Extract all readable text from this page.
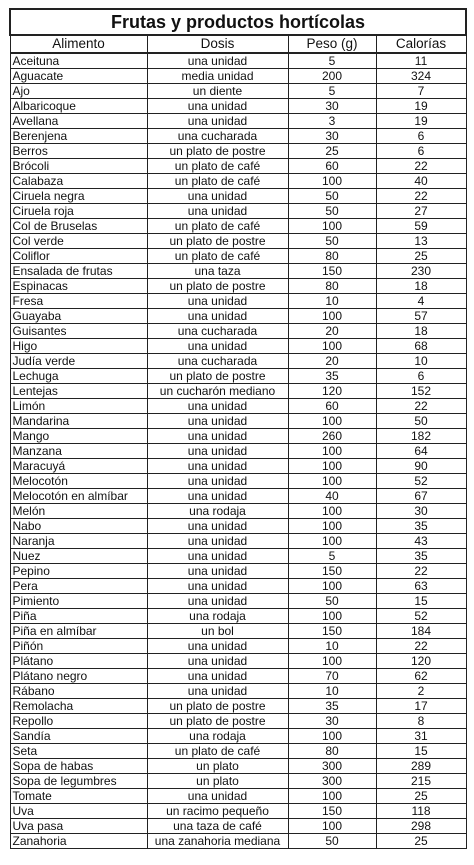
Frutas y productos hortícolas			
Alimento	Dosis	Peso (g)	Calorías
Aceituna	una unidad	5	11
Aguacate	media unidad	200	324
Ajo	un diente	5	7
Albaricoque	una unidad	30	19
Avellana	una unidad	3	19
Berenjena	una cucharada	30	6
Berros	un plato de postre	25	6
Brócoli	un plato de café	60	22
Calabaza	un plato de café	100	40
Ciruela negra	una unidad	50	22
Ciruela roja	una unidad	50	27
Col de Bruselas	un plato de café	100	59
Col verde	un plato de postre	50	13
Coliflor	un plato de café	80	25
Ensalada de frutas	una taza	150	230
Espinacas	un plato de postre	80	18
Fresa	una unidad	10	4
Guayaba	una unidad	100	57
Guisantes	una cucharada	20	18
Higo	una unidad	100	68
Judía verde	una cucharada	20	10
Lechuga	un plato de postre	35	6
Lentejas	un cucharón mediano	120	152
Limón	una unidad	60	22
Mandarina	una unidad	100	50
Mango	una unidad	260	182
Manzana	una unidad	100	64
Maracuyá	una unidad	100	90
Melocotón	una unidad	100	52
Melocotón en almíbar	una unidad	40	67
Melón	una rodaja	100	30
Nabo	una unidad	100	35
Naranja	una unidad	100	43
Nuez	una unidad	5	35
Pepino	una unidad	150	22
Pera	una unidad	100	63
Pimiento	una unidad	50	15
Piña	una rodaja	100	52
Piña en almíbar	un bol	150	184
Piñón	una unidad	10	22
Plátano	una unidad	100	120
Plátano negro	una unidad	70	62
Rábano	una unidad	10	2
Remolacha	un plato de postre	35	17
Repollo	un plato de postre	30	8
Sandía	una rodaja	100	31
Seta	un plato de café	80	15
Sopa de habas	un plato	300	289
Sopa de legumbres	un plato	300	215
Tomate	una unidad	100	25
Uva	un racimo pequeño	150	118
Uva pasa	una taza de café	100	298
Zanahoria	una zanahoria mediana	50	25
